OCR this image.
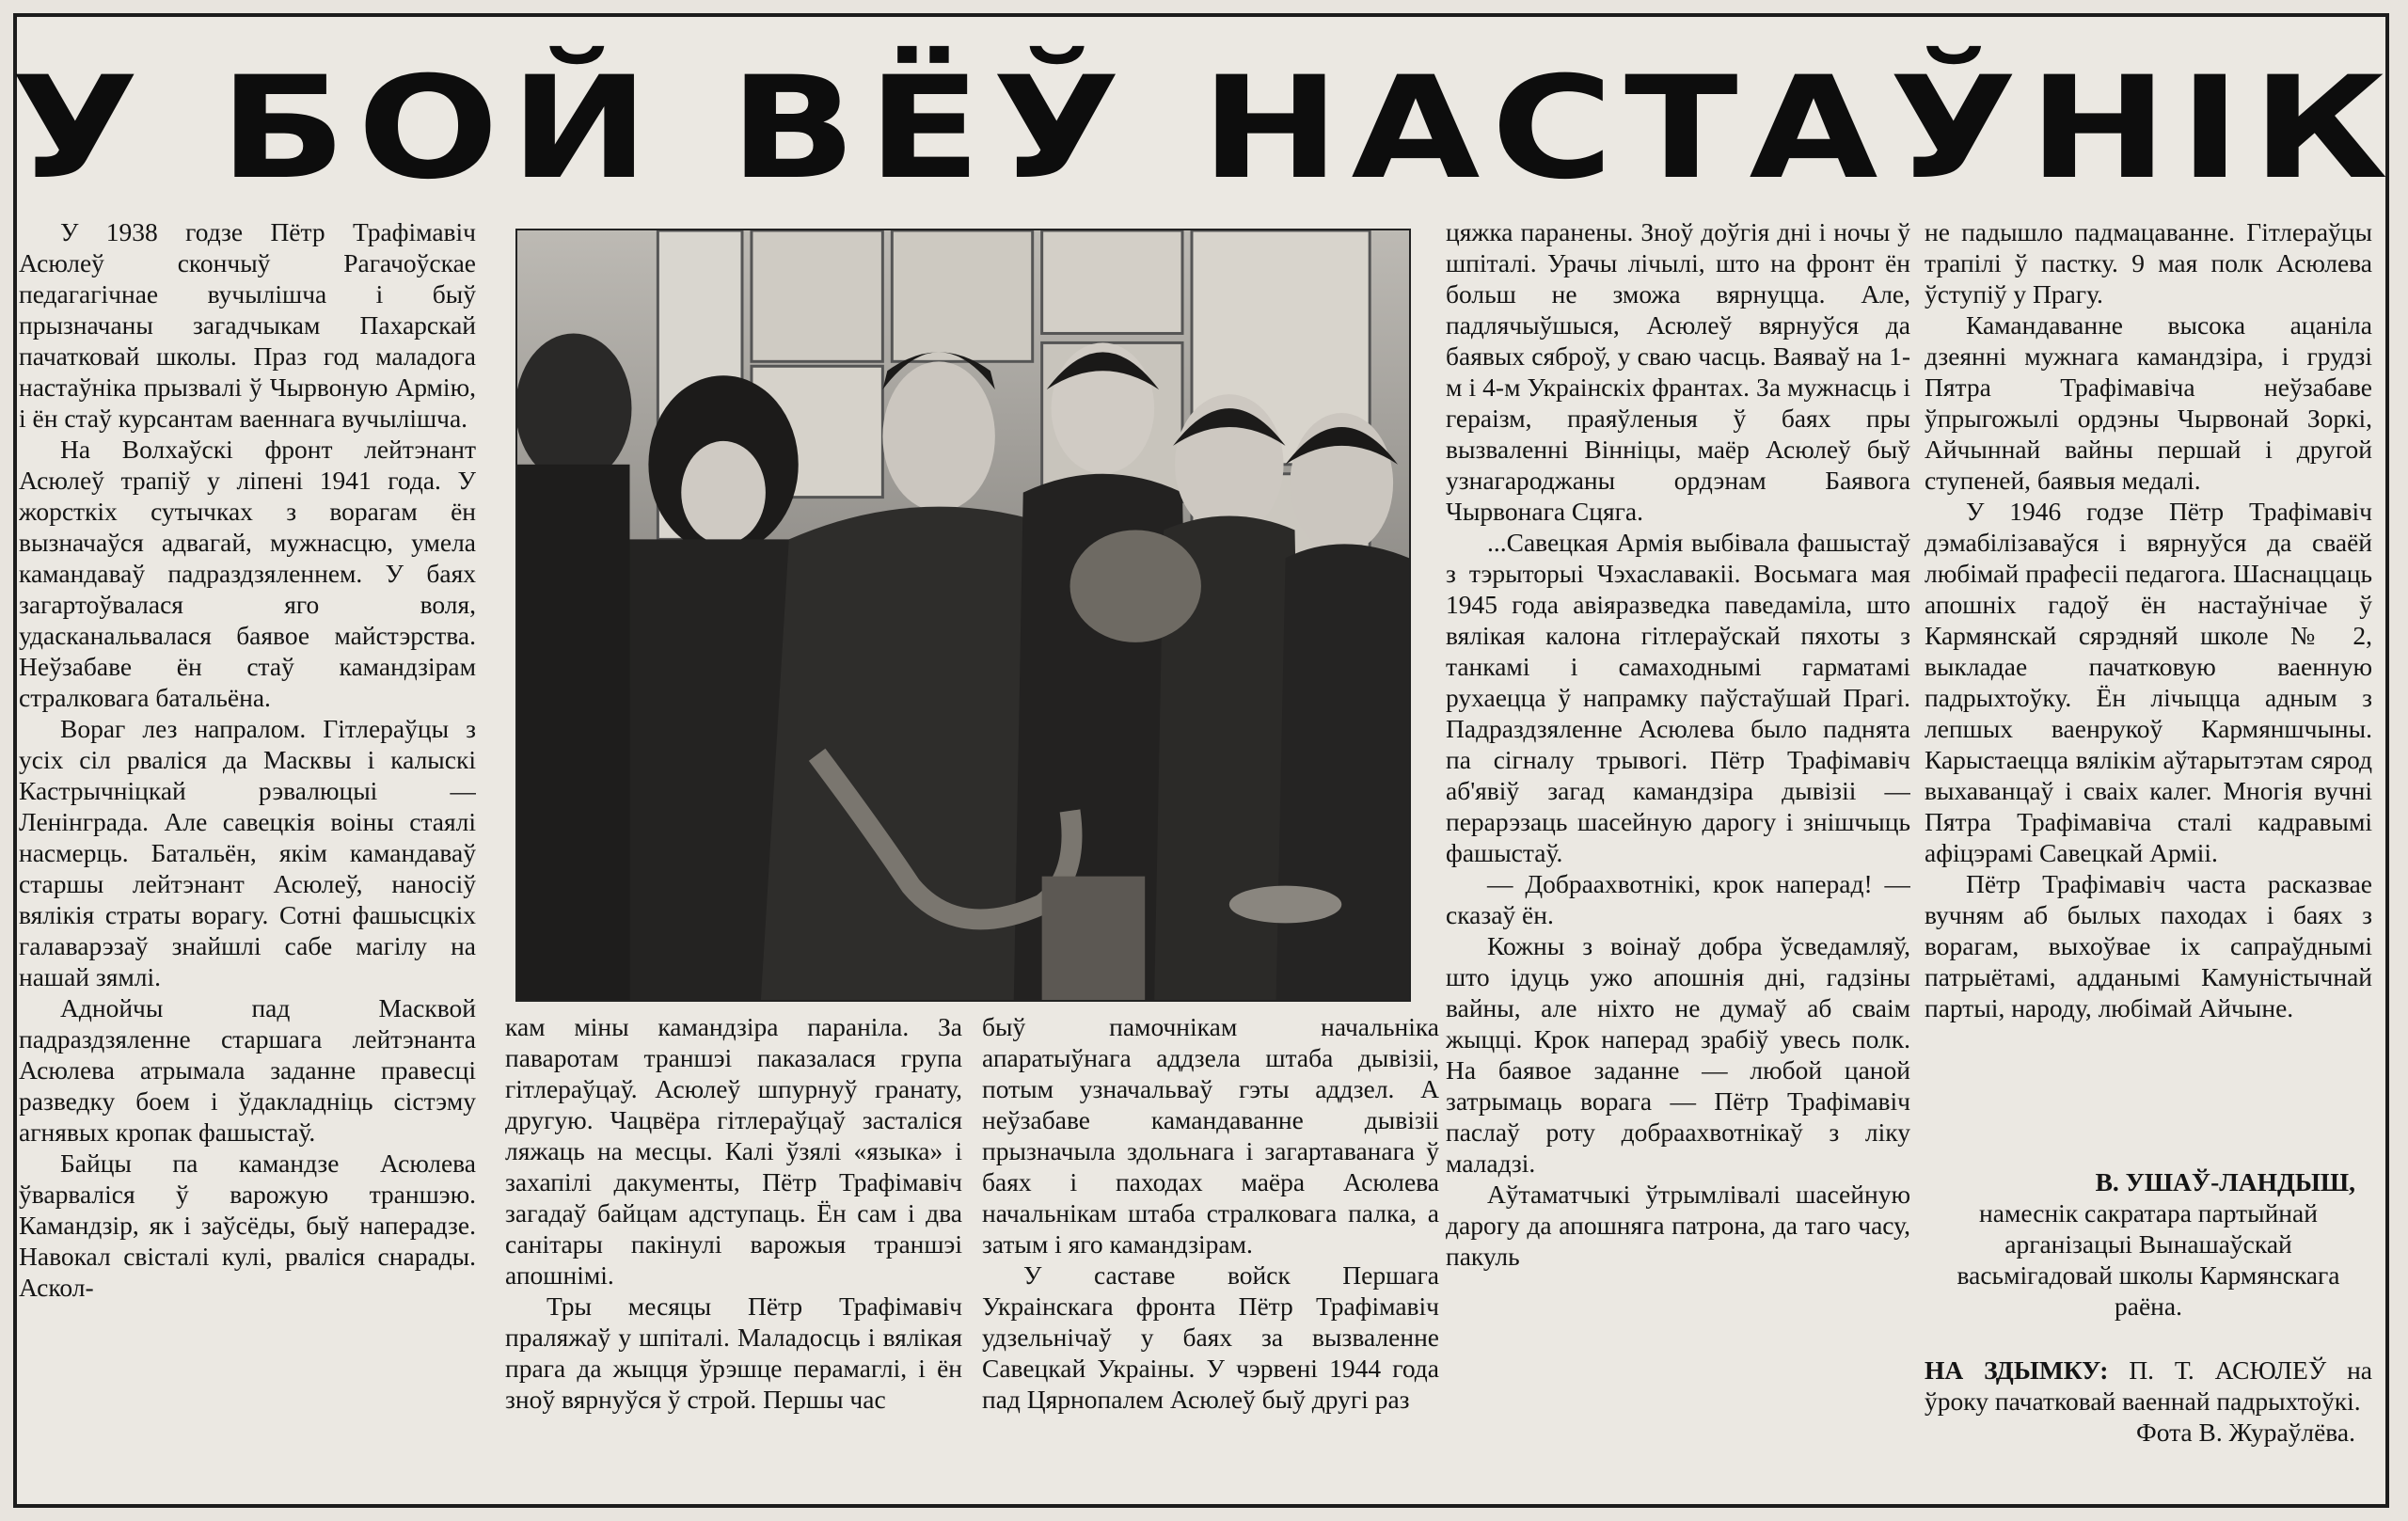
У БОЙ ВЁЎ НАСТАЎНІК

У 1938 годзе Пётр Трафімавіч Асюлеў скончыў Рагачоўскае педагагічнае вучылішча і быў прызначаны загадчыкам Пахарскай пачатковай школы. Праз год маладога настаўніка прызвалі ў Чырвоную Армію, і ён стаў курсантам ваеннага вучылішча.

На Волхаўскі фронт лейтэнант Асюлеў трапіў у ліпені 1941 года. У жорсткіх сутычках з ворагам ён вызначаўся адвагай, мужнасцю, умела камандаваў падраздзяленнем. У баях загартоўвалася яго воля, удасканальвалася баявое майстэрства. Неўзабаве ён стаў камандзірам стралковага батальёна.

Вораг лез напралом. Гітлераўцы з усіх сіл рваліся да Масквы і калыскі Кастрычніцкай рэвалюцыі — Ленінграда. Але савецкія воіны стаялі насмерць. Батальён, якім камандаваў старшы лейтэнант Асюлеў, наносіў вялікія страты ворагу. Сотні фашысцкіх галаварэзаў знайшлі сабе магілу на нашай зямлі.

Аднойчы пад Масквой падраздзяленне старшага лейтэнанта Асюлева атрымала заданне правесці разведку боем і ўдакладніць сістэму агнявых кропак фашыстаў.

Байцы па камандзе Асюлева ўварваліся ў варожую траншэю. Камандзір, як і заўсёды, быў наперадзе. Навокал свісталі кулі, рваліся снарады. Аскол-

кам міны камандзіра параніла. За паваротам траншэі паказалася група гітлераўцаў. Асюлеў шпурнуў гранату, другую. Чацвёра гітлераўцаў засталіся ляжаць на месцы. Калі ўзялі «языка» і захапілі дакументы, Пётр Трафімавіч загадаў байцам адступаць. Ён сам і два санітары пакінулі варожыя траншэі апошнімі.

Тры месяцы Пётр Трафімавіч праляжаў у шпіталі. Маладосць і вялікая прага да жыцця ўрэшце перамаглі, і ён зноў вярнуўся ў строй. Першы час

быў памочнікам начальніка апаратыўнага аддзела штаба дывізіі, потым узначальваў гэты аддзел. А неўзабаве камандаванне дывізіі прызначыла здольнага і загартаванага ў баях і паходах маёра Асюлева начальнікам штаба стралковага палка, а затым і яго камандзірам.

У саставе войск Першага Украінскага фронта Пётр Трафімавіч удзельнічаў у баях за вызваленне Савецкай Украіны. У чэрвені 1944 года пад Цярнопалем Асюлеў быў другі раз

цяжка паранены. Зноў доўгія дні і ночы ў шпіталі. Урачы лічылі, што на фронт ён больш не зможа вярнуцца. Але, падлячыўшыся, Асюлеў вярнуўся да баявых сяброў, у сваю часць. Ваяваў на 1-м і 4-м Украінскіх франтах. За мужнасць і гераізм, праяўленыя ў баях пры вызваленні Вінніцы, маёр Асюлеў быў узнагароджаны ордэнам Баявога Чырвонага Сцяга.

...Савецкая Армія выбівала фашыстаў з тэрыторыі Чэхаславакіі. Восьмага мая 1945 года авіяразведка паведаміла, што вялікая калона гітлераўскай пяхоты з танкамі і самаходнымі гарматамі рухаецца ў напрамку паўстаўшай Прагі. Падраздзяленне Асюлева было паднята па сігналу трывогі. Пётр Трафімавіч аб'явіў загад камандзіра дывізіі — перарэзаць шасейную дарогу і знішчыць фашыстаў.

— Добраахвотнікі, крок наперад! — сказаў ён.

Кожны з воінаў добра ўсведамляў, што ідуць ужо апошнія дні, гадзіны вайны, але ніхто не думаў аб сваім жыцці. Крок наперад зрабіў увесь полк. На баявое заданне — любой цаной затрымаць ворага — Пётр Трафімавіч паслаў роту добраахвотнікаў з ліку маладзі.

Аўтаматчыкі ўтрымлівалі шасейную дарогу да апошняга патрона, да таго часу, пакуль

не падышло падмацаванне. Гітлераўцы трапілі ў пастку. 9 мая полк Асюлева ўступіў у Прагу.

Камандаванне высока ацаніла дзеянні мужнага камандзіра, і грудзі Пятра Трафімавіча неўзабаве ўпрыгожылі ордэны Чырвонай Зоркі, Айчыннай вайны першай і другой ступеней, баявыя медалі.

У 1946 годзе Пётр Трафімавіч дэмабілізаваўся і вярнуўся да сваёй любімай прафесіі педагога. Шаснаццаць апошніх гадоў ён настаўнічае ў Кармянскай сярэдняй школе № 2, выкладае пачатковую ваенную падрыхтоўку. Ён лічыцца адным з лепшых ваенрукоў Кармяншчыны. Карыстаецца вялікім аўтарытэтам сярод выхаванцаў і сваіх калег. Многія вучні Пятра Трафімавіча сталі кадравымі афіцэрамі Савецкай Арміі.

Пётр Трафімавіч часта расказвае вучням аб былых паходах і баях з ворагам, выхоўвае іх сапраўднымі патрыётамі, адданымі Камуністычнай партыі, народу, любімай Айчыне.

В. УШАЎ-ЛАНДЫШ,
намеснік сакратара партыйнай арганізацыі Вынашаўскай васьмігадовай школы Кармянскага раёна.
НА ЗДЫМКУ: П. Т. АСЮЛЕЎ на ўроку пачатковай ваеннай падрыхтоўкі.
Фота В. Жураўлёва.
